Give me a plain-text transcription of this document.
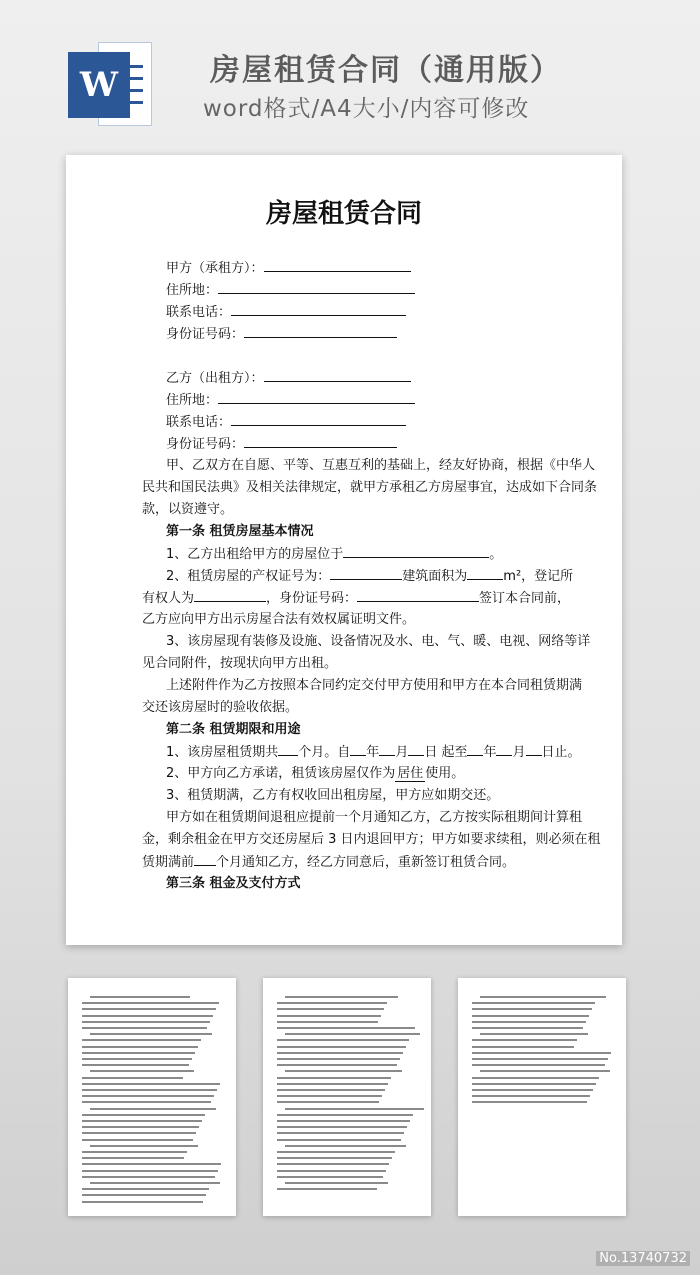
W	房屋租赁合同（通用版）
word格式/A4大小/内容可修改
房屋租赁合同
甲方（承租方）：
住所地：
联系电话：
身份证号码：
乙方（出租方）：
住所地：
联系电话：
身份证号码：
甲、乙双方在自愿、平等、互惠互利的基础上，经友好协商，根据《中华人
民共和国民法典》及相关法律规定，就甲方承租乙方房屋事宜，达成如下合同条
款，以资遵守。
第一条 租赁房屋基本情况
1、乙方出租给甲方的房屋位于	。
2、租赁房屋的产权证号为：	建筑面积为	m²，登记所
有权人为	，身份证号码：	签订本合同前，
乙方应向甲方出示房屋合法有效权属证明文件。
3、该房屋现有装修及设施、设备情况及水、电、气、暖、电视、网络等详
见合同附件，按现状向甲方出租。
上述附件作为乙方按照本合同约定交付甲方使用和甲方在本合同租赁期满
交还该房屋时的验收依据。
第二条 租赁期限和用途
1、该房屋租赁期共 个月。自 年 月 日 起至 年 月 日止。
2、甲方向乙方承诺，租赁该房屋仅作为 居住 使用。
3、租赁期满，乙方有权收回出租房屋，甲方应如期交还。
甲方如在租赁期间退租应提前一个月通知乙方，乙方按实际租期间计算租
金，剩余租金在甲方交还房屋后 3 日内退回甲方；甲方如要求续租，则必须在租
赁期满前 个月通知乙方，经乙方同意后，重新签订租赁合同。
第三条 租金及支付方式
No.13740732
